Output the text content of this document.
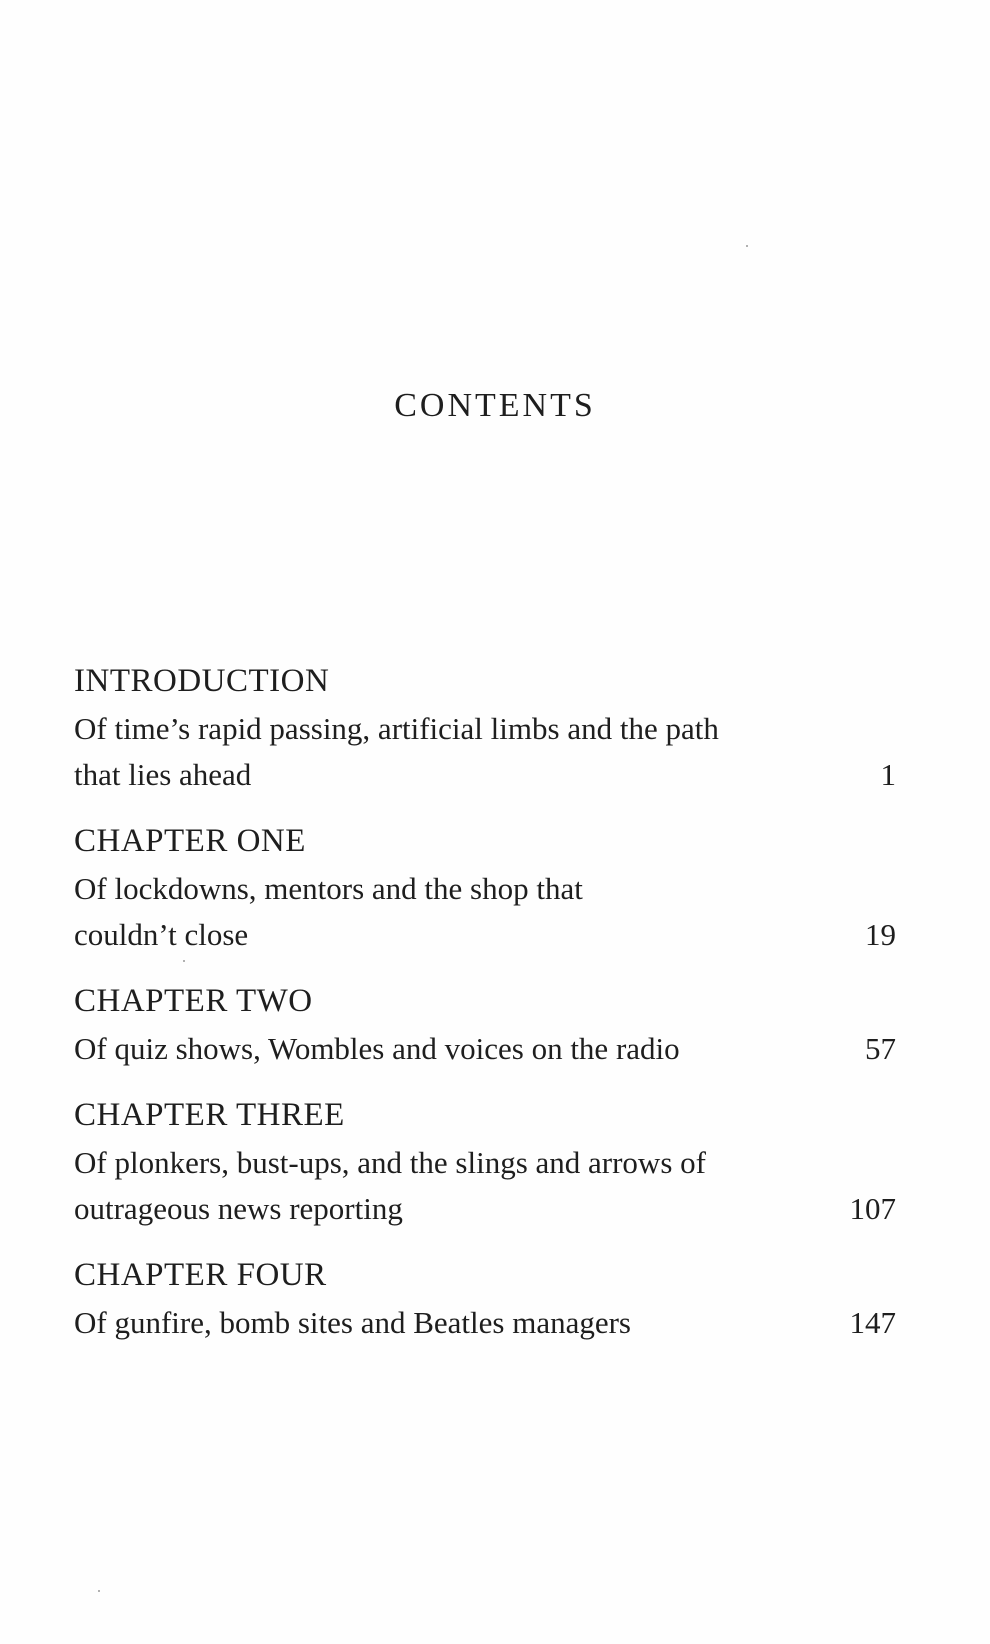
CONTENTS
INTRODUCTION
Of time’s rapid passing, artificial limbs and the path that lies ahead	1
CHAPTER ONE
Of lockdowns, mentors and the shop that couldn’t close	19
CHAPTER TWO
Of quiz shows, Wombles and voices on the radio	57
CHAPTER THREE
Of plonkers, bust-ups, and the slings and arrows of outrageous news reporting	107
CHAPTER FOUR
Of gunfire, bomb sites and Beatles managers	147
